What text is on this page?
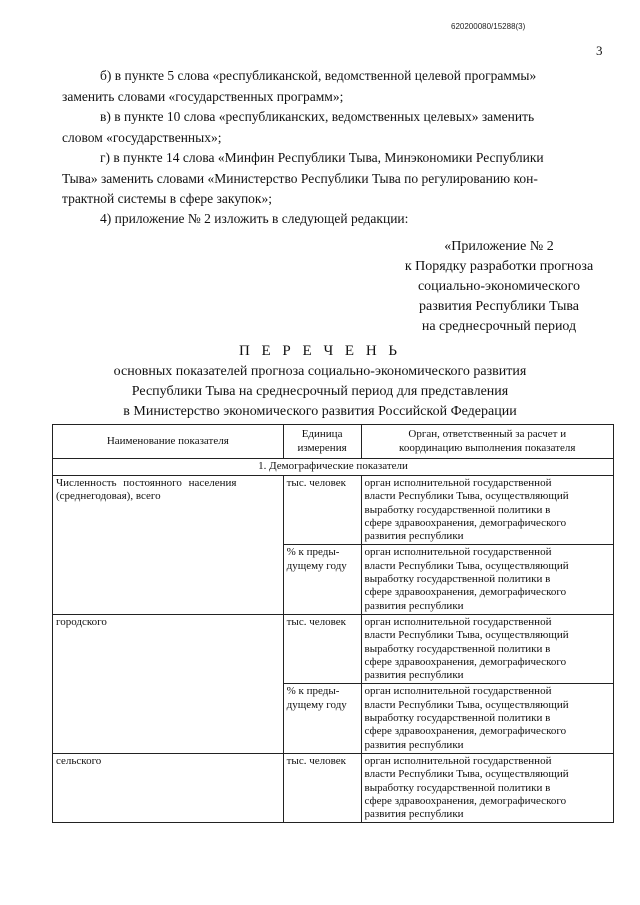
620200080/15288(3)
3
б) в пункте 5 слова «республиканской, ведомственной целевой программы»
заменить словами «государственных программ»;
в) в пункте 10 слова «республиканских, ведомственных целевых» заменить
словом «государственных»;
г) в пункте 14 слова «Минфин Республики Тыва, Минэкономики Республики
Тыва» заменить словами «Министерство Республики Тыва по регулированию кон-
трактной системы в сфере закупок»;
4) приложение № 2 изложить в следующей редакции:
«Приложение № 2
к Порядку разработки прогноза
социально-экономического
развития Республики Тыва
на среднесрочный период
П Е Р Е Ч Е Н Ь
основных показателей прогноза социально-экономического развития
Республики Тыва на среднесрочный период для представления
в Министерство экономического развития Российской Федерации
Наименование показателя	Единица
измерения	Орган, ответственный за расчет и
координацию выполнения показателя

1. Демографические показатели		

Численность постоянного населения
(среднегодовая), всего	тыс. человек	орган исполнительной государственной
власти Республики Тыва, осуществляющий
выработку государственной политики в
сфере здравоохранения, демографического
развития республики

	% к преды-
дущему году	орган исполнительной государственной
власти Республики Тыва, осуществляющий
выработку государственной политики в
сфере здравоохранения, демографического
развития республики

городского	тыс. человек	орган исполнительной государственной
власти Республики Тыва, осуществляющий
выработку государственной политики в
сфере здравоохранения, демографического
развития республики

	% к преды-
дущему году	орган исполнительной государственной
власти Республики Тыва, осуществляющий
выработку государственной политики в
сфере здравоохранения, демографического
развития республики

сельского	тыс. человек	орган исполнительной государственной
власти Республики Тыва, осуществляющий
выработку государственной политики в
сфере здравоохранения, демографического
развития республики
